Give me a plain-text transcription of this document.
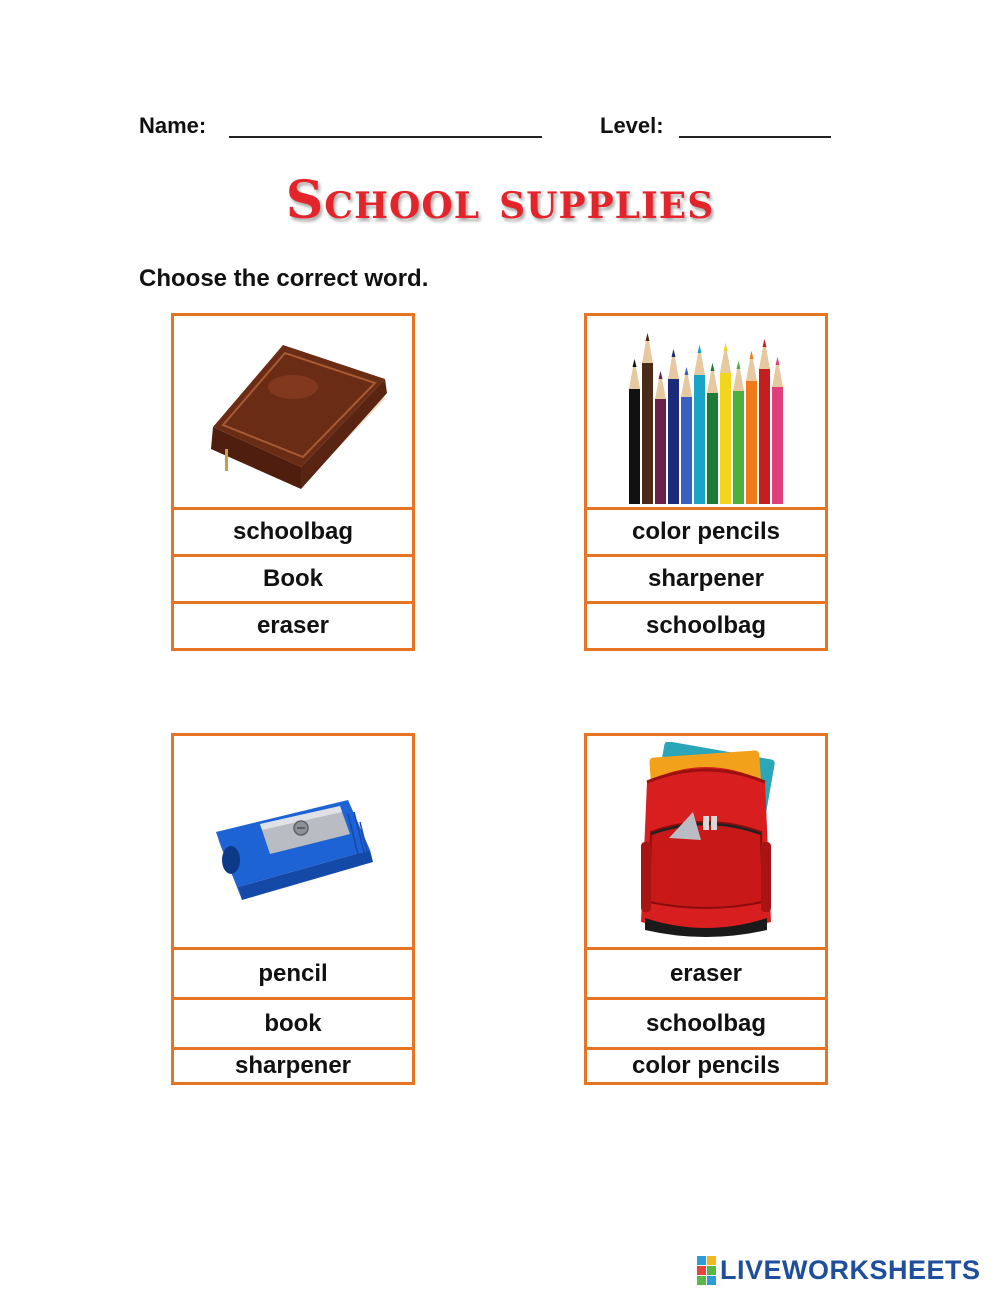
Name:	Level:
School supplies
Choose the correct word.
schoolbag
Book
eraser
color pencils
sharpener
schoolbag
pencil
book
sharpener
eraser
schoolbag
color pencils
LIVEWORKSHEETS
